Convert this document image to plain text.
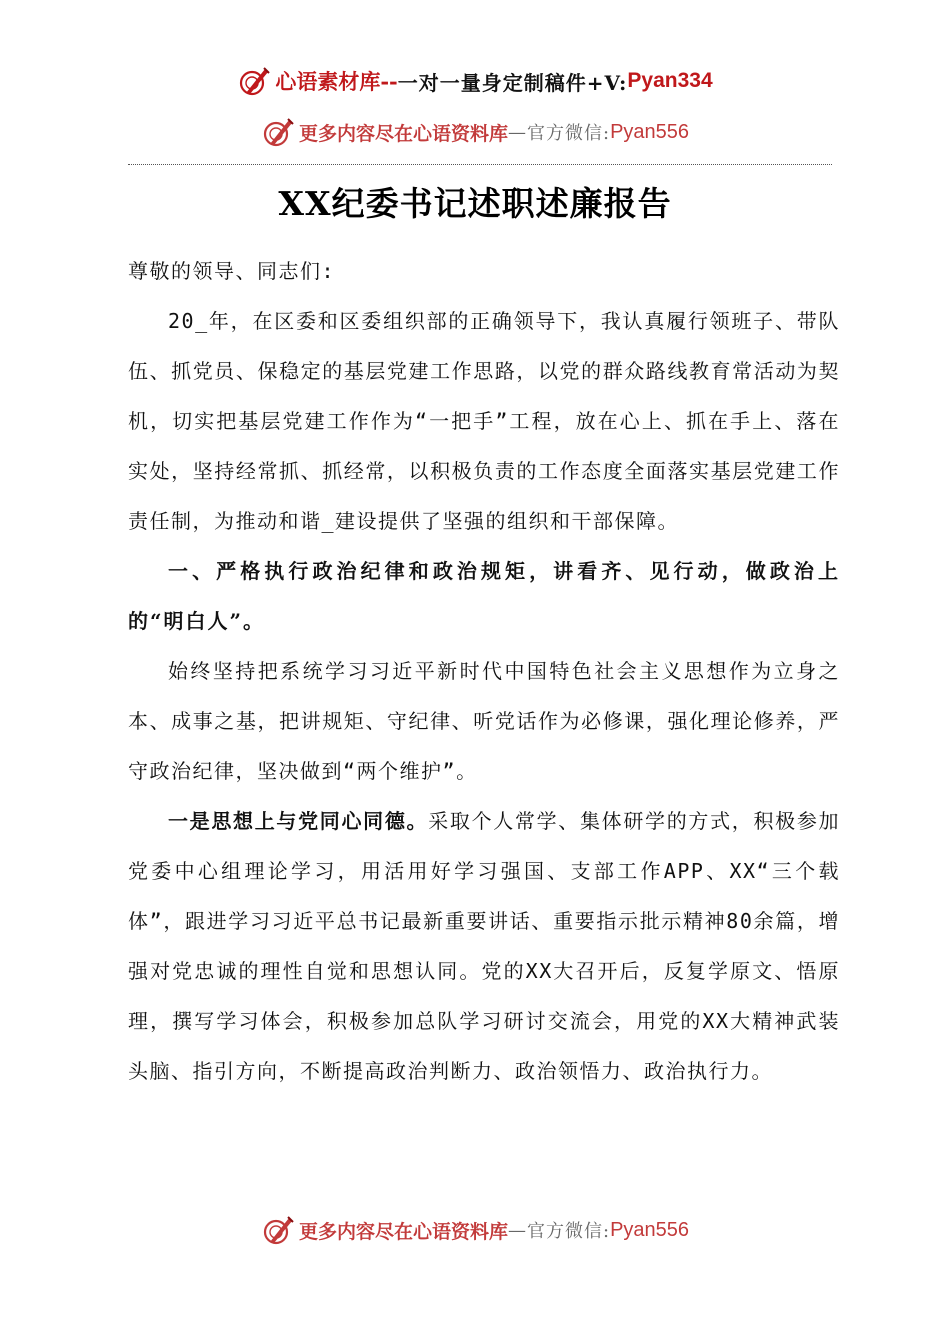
心语素材库-- 一对一量身定制稿件+V: Pyan334
更多内容尽在心语资料库 — 官方微信: Pyan556
XX纪委书记述职述廉报告

尊敬的领导、同志们:

20_年，在区委和区委组织部的正确领导下，我认真履行领班子、带队伍、抓党员、保稳定的基层党建工作思路，以党的群众路线教育常活动为契机，切实把基层党建工作作为“一把手”工程，放在心上、抓在手上、落在实处，坚持经常抓、抓经常，以积极负责的工作态度全面落实基层党建工作责任制，为推动和谐_建设提供了坚强的组织和干部保障。

一、严格执行政治纪律和政治规矩，讲看齐、见行动，做政治上的“明白人”。

始终坚持把系统学习习近平新时代中国特色社会主义思想作为立身之本、成事之基，把讲规矩、守纪律、听党话作为必修课，强化理论修养，严守政治纪律，坚决做到“两个维护”。

一是思想上与党同心同德。采取个人常学、集体研学的方式，积极参加党委中心组理论学习，用活用好学习强国、支部工作APP、XX“三个载体”，跟进学习习近平总书记最新重要讲话、重要指示批示精神80余篇，增强对党忠诚的理性自觉和思想认同。党的XX大召开后，反复学原文、悟原理，撰写学习体会，积极参加总队学习研讨交流会，用党的XX大精神武装头脑、指引方向，不断提高政治判断力、政治领悟力、政治执行力。

更多内容尽在心语资料库 — 官方微信: Pyan556
